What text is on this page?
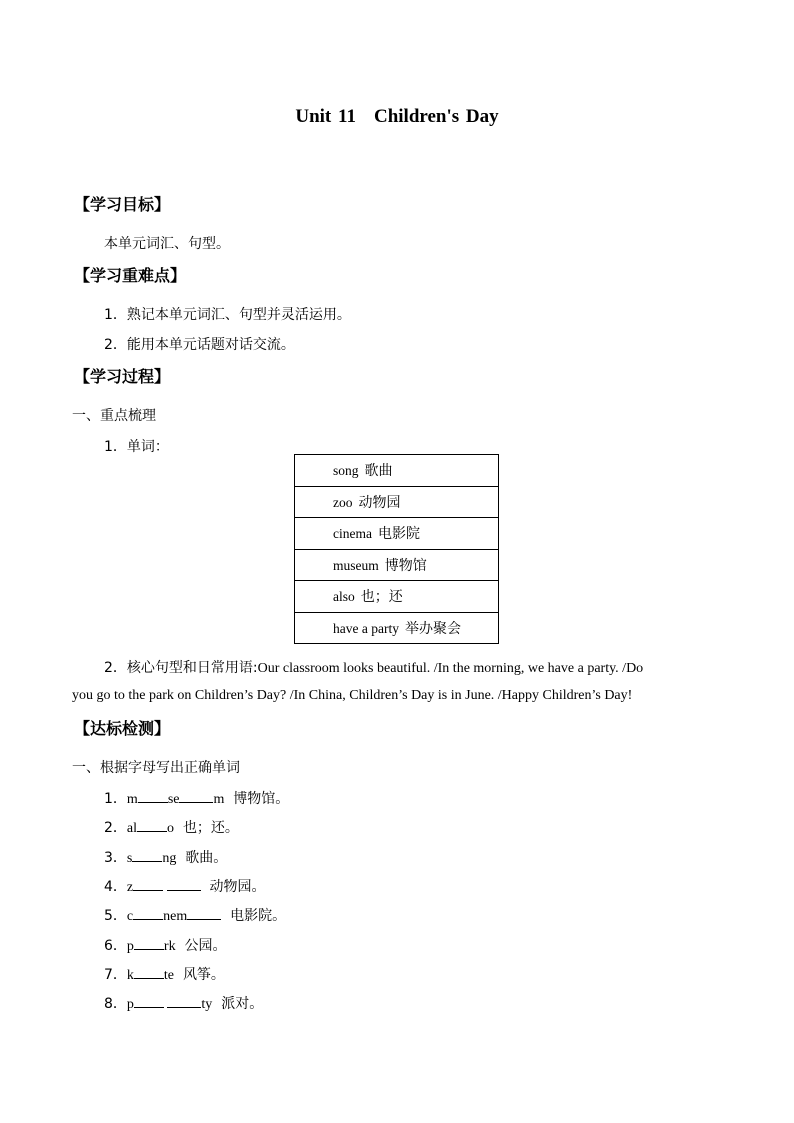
Unit 11 Children's Day
【学习目标】
本单元词汇、句型。
【学习重难点】
1．熟记本单元词汇、句型并灵活运用。
2．能用本单元话题对话交流。
【学习过程】
一、重点梳理
1．单词：
song 歌曲
zoo 动物园
cinema 电影院
museum 博物馆
also 也；还
have a party 举办聚会
2．核心句型和日常用语:Our classroom looks beautiful. /In the morning, we have a party. /Do
you go to the park on Children’s Day? /In China, Children’s Day is in June. /Happy Children’s Day!
【达标检测】
一、根据字母写出正确单词
1．m se m 博物馆。
2．al o 也；还。
3．s ng 歌曲。
4．z	动物园。
5．c nem	电影院。
6．p rk 公园。
7．k te 风筝。
8．p	ty 派对。
